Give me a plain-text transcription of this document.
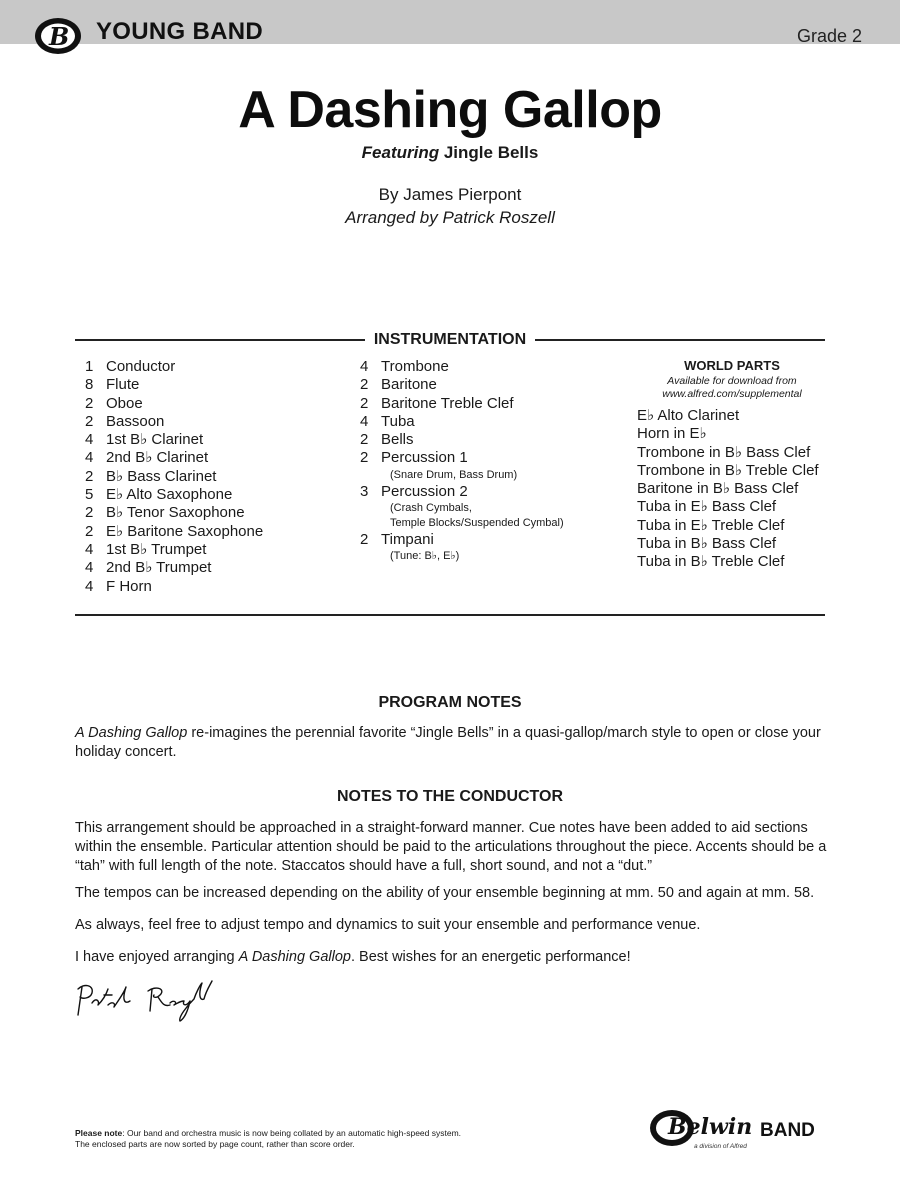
B YOUNG BAND	Grade 2
A Dashing Gallop
Featuring Jingle Bells
By James Pierpont
Arranged by Patrick Roszell
INSTRUMENTATION
1 Conductor
8 Flute
2 Oboe
2 Bassoon
4 1st B♭ Clarinet
4 2nd B♭ Clarinet
2 B♭ Bass Clarinet
5 E♭ Alto Saxophone
2 B♭ Tenor Saxophone
2 E♭ Baritone Saxophone
4 1st B♭ Trumpet
4 2nd B♭ Trumpet
4 F Horn
4 Trombone
2 Baritone
2 Baritone Treble Clef
4 Tuba
2 Bells
2 Percussion 1
(Snare Drum, Bass Drum)
3 Percussion 2
(Crash Cymbals,
Temple Blocks/Suspended Cymbal)
2 Timpani
(Tune: B♭, E♭)
WORLD PARTS
Available for download from
www.alfred.com/supplemental
E♭ Alto Clarinet
Horn in E♭
Trombone in B♭ Bass Clef
Trombone in B♭ Treble Clef
Baritone in B♭ Bass Clef
Tuba in E♭ Bass Clef
Tuba in E♭ Treble Clef
Tuba in B♭ Bass Clef
Tuba in B♭ Treble Clef
PROGRAM NOTES
A Dashing Gallop re-imagines the perennial favorite “Jingle Bells” in a quasi-gallop/march style to open or close your holiday concert.
NOTES TO THE CONDUCTOR
This arrangement should be approached in a straight-forward manner. Cue notes have been added to aid sections within the ensemble. Particular attention should be paid to the articulations throughout the piece. Accents should be a “tah” with full length of the note. Staccatos should have a full, short sound, and not a “dut.”
The tempos can be increased depending on the ability of your ensemble beginning at mm. 50 and again at mm. 58.
As always, feel free to adjust tempo and dynamics to suit your ensemble and performance venue.
I have enjoyed arranging A Dashing Gallop. Best wishes for an energetic performance!
Please note: Our band and orchestra music is now being collated by an automatic high-speed system.
The enclosed parts are now sorted by page count, rather than score order.
Belwin BAND
a division of Alfred
